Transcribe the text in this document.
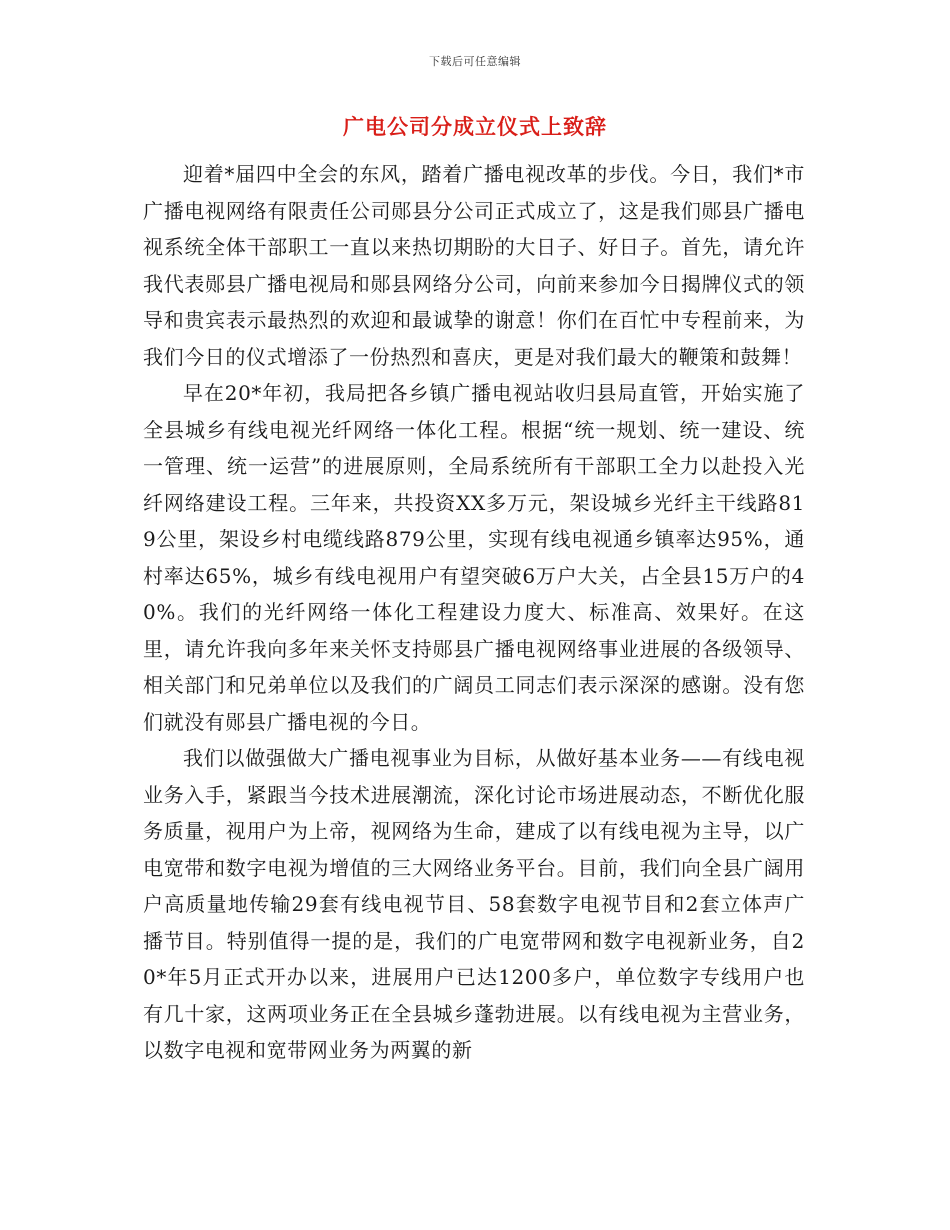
下载后可任意编辑
广电公司分成立仪式上致辞

迎着*届四中全会的东风，踏着广播电视改革的步伐。今日，我们*市广播电视网络有限责任公司郧县分公司正式成立了，这是我们郧县广播电视系统全体干部职工一直以来热切期盼的大日子、好日子。首先，请允许我代表郧县广播电视局和郧县网络分公司，向前来参加今日揭牌仪式的领导和贵宾表示最热烈的欢迎和最诚挚的谢意！你们在百忙中专程前来，为我们今日的仪式增添了一份热烈和喜庆，更是对我们最大的鞭策和鼓舞！

早在20*年初，我局把各乡镇广播电视站收归县局直管，开始实施了全县城乡有线电视光纤网络一体化工程。根据“统一规划、统一建设、统一管理、统一运营”的进展原则，全局系统所有干部职工全力以赴投入光纤网络建设工程。三年来，共投资XX多万元，架设城乡光纤主干线路819公里，架设乡村电缆线路879公里，实现有线电视通乡镇率达95%，通村率达65%，城乡有线电视用户有望突破6万户大关，占全县15万户的40%。我们的光纤网络一体化工程建设力度大、标准高、效果好。在这里，请允许我向多年来关怀支持郧县广播电视网络事业进展的各级领导、相关部门和兄弟单位以及我们的广阔员工同志们表示深深的感谢。没有您们就没有郧县广播电视的今日。

我们以做强做大广播电视事业为目标，从做好基本业务——有线电视业务入手，紧跟当今技术进展潮流，深化讨论市场进展动态，不断优化服务质量，视用户为上帝，视网络为生命，建成了以有线电视为主导，以广电宽带和数字电视为增值的三大网络业务平台。目前，我们向全县广阔用户高质量地传输29套有线电视节目、58套数字电视节目和2套立体声广播节目。特别值得一提的是，我们的广电宽带网和数字电视新业务，自20*年5月正式开办以来，进展用户已达1200多户，单位数字专线用户也有几十家，这两项业务正在全县城乡蓬勃进展。以有线电视为主营业务，以数字电视和宽带网业务为两翼的新
